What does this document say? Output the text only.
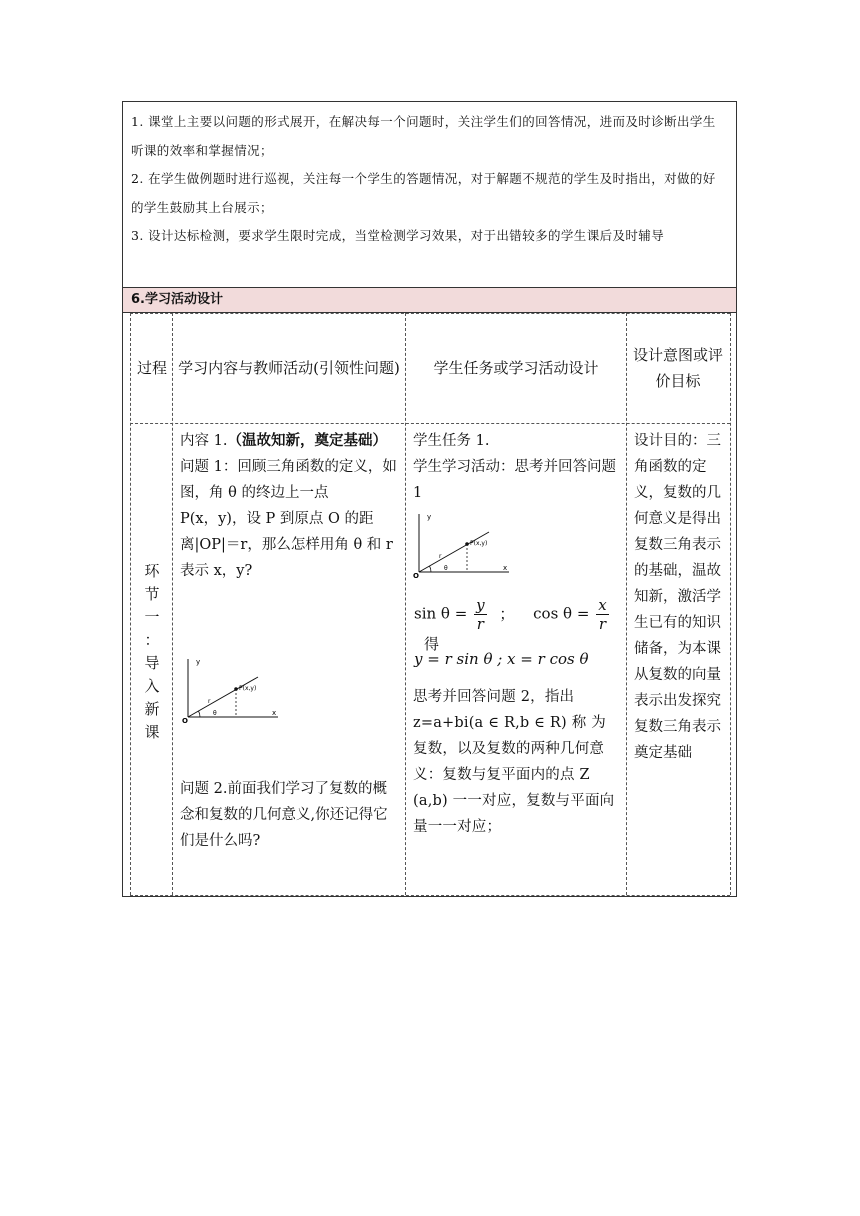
1. 课堂上主要以问题的形式展开，在解决每一个问题时，关注学生们的回答情况，进而及时诊断出学生听课的效率和掌握情况；

2. 在学生做例题时进行巡视，关注每一个学生的答题情况，对于解题不规范的学生及时指出，对做的好的学生鼓励其上台展示；

3. 设计达标检测，要求学生限时完成，当堂检测学习效果，对于出错较多的学生课后及时辅导

6.学习活动设计
过程 学习内容与教师活动(引领性问题) 学生任务或学习活动设计
设计意图或评价目标
环
节
一
：
导
入
新
课
内容 1.（温故知新，奠定基础）
问题 1：回顾三角函数的定义，如图，角 θ 的终边上一点
P(x，y)，设 P 到原点 O 的距离|OP|＝r，那么怎样用角 θ 和 r 表示 x，y?
y
x
O
r
θ
P(x,y)
问题 2.前面我们学习了复数的概念和复数的几何意义,你还记得它们是什么吗?
学生任务 1.
学生学习活动：思考并回答问题 1
y
x
O
r
θ
P(x,y)
$\sin \theta = \frac{y}{r}$ ； $\cos \theta = \frac{x}{r}$
得
y = r sin θ ; x = r cos θ
思考并回答问题 2，指出 z=a+bi(a ∈ R,b ∈ R) 称 为 复数，以及复数的两种几何意义：复数与复平面内的点 Z (a,b) 一一对应，复数与平面向量一一对应；
设计目的：三角函数的定义，复数的几何意义是得出复数三角表示的基础，温故知新，激活学生已有的知识储备，为本课从复数的向量表示出发探究复数三角表示奠定基础
